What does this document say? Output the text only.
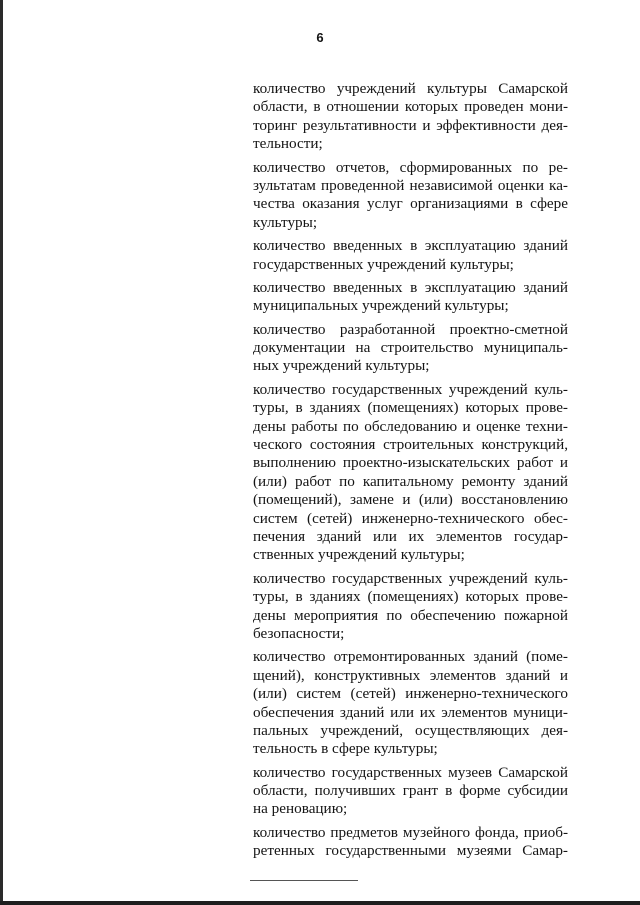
6
количество учреждений культуры Самарской
области, в отношении которых проведен мони-
торинг результативности и эффективности дея-
тельности;
количество отчетов, сформированных по ре-
зультатам проведенной независимой оценки ка-
чества оказания услуг организациями в сфере
культуры;
количество введенных в эксплуатацию зданий
государственных учреждений культуры;
количество введенных в эксплуатацию зданий
муниципальных учреждений культуры;
количество разработанной проектно-сметной
документации на строительство муниципаль-
ных учреждений культуры;
количество государственных учреждений куль-
туры, в зданиях (помещениях) которых прове-
дены работы по обследованию и оценке техни-
ческого состояния строительных конструкций,
выполнению проектно-изыскательских работ и
(или) работ по капитальному ремонту зданий
(помещений), замене и (или) восстановлению
систем (сетей) инженерно-технического обес-
печения зданий или их элементов государ-
ственных учреждений культуры;
количество государственных учреждений куль-
туры, в зданиях (помещениях) которых прове-
дены мероприятия по обеспечению пожарной
безопасности;
количество отремонтированных зданий (поме-
щений), конструктивных элементов зданий и
(или) систем (сетей) инженерно-технического
обеспечения зданий или их элементов муници-
пальных учреждений, осуществляющих дея-
тельность в сфере культуры;
количество государственных музеев Самарской
области, получивших грант в форме субсидии
на реновацию;
количество предметов музейного фонда, приоб-
ретенных государственными музеями Самар-
